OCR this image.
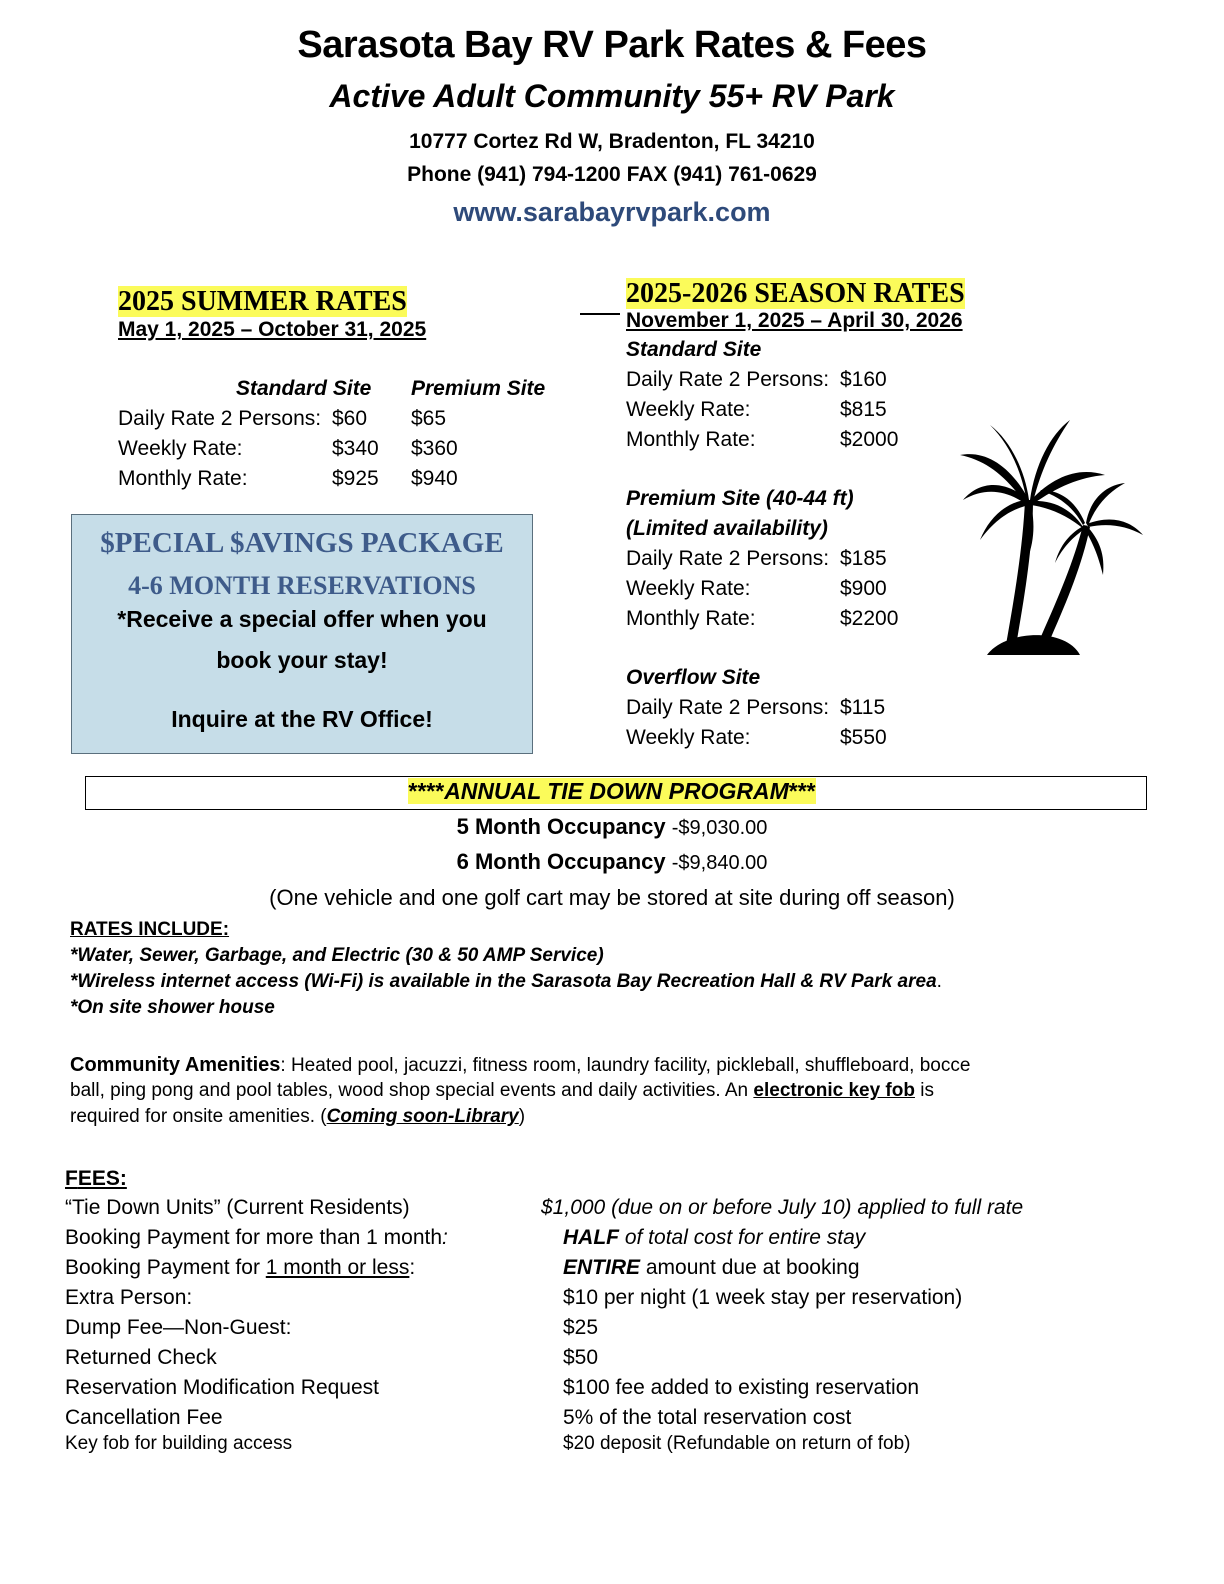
Sarasota Bay RV Park Rates & Fees
Active Adult Community 55+ RV Park
10777 Cortez Rd W, Bradenton, FL 34210
Phone (941) 794-1200 FAX (941) 761-0629
www.sarabayrvpark.com
2025 SUMMER RATES
May 1, 2025 – October 31, 2025
Standard Site Premium Site
Daily Rate 2 Persons: $60 $65
Weekly Rate:	$340 $360
Monthly Rate:	$925 $940
$PECIAL $AVINGS PACKAGE
4-6 MONTH RESERVATIONS
*Receive a special offer when you
book your stay!
Inquire at the RV Office!
2025-2026 SEASON RATES
November 1, 2025 – April 30, 2026
Standard Site
Daily Rate 2 Persons: $160
Weekly Rate:	$815
Monthly Rate:	$2000
Premium Site (40-44 ft)
(Limited availability)
Daily Rate 2 Persons: $185
Weekly Rate:	$900
Monthly Rate:	$2200
Overflow Site
Daily Rate 2 Persons: $115
Weekly Rate:	$550
****ANNUAL TIE DOWN PROGRAM***
5 Month Occupancy -$9,030.00
6 Month Occupancy -$9,840.00
(One vehicle and one golf cart may be stored at site during off season)
RATES INCLUDE:
*Water, Sewer, Garbage, and Electric (30 & 50 AMP Service)
*Wireless internet access (Wi-Fi) is available in the Sarasota Bay Recreation Hall & RV Park area.
*On site shower house
Community Amenities: Heated pool, jacuzzi, fitness room, laundry facility, pickleball, shuffleboard, bocce
ball, ping pong and pool tables, wood shop special events and daily activities. An electronic key fob is
required for onsite amenities. (Coming soon-Library)
FEES:
“Tie Down Units” (Current Residents)	$1,000 (due on or before July 10) applied to full rate
Booking Payment for more than 1 month:	HALF of total cost for entire stay
Booking Payment for 1 month or less:	ENTIRE amount due at booking
Extra Person:	$10 per night (1 week stay per reservation)
Dump Fee—Non-Guest:	$25
Returned Check	$50
Reservation Modification Request	$100 fee added to existing reservation
Cancellation Fee	5% of the total reservation cost
Key fob for building access	$20 deposit (Refundable on return of fob)
